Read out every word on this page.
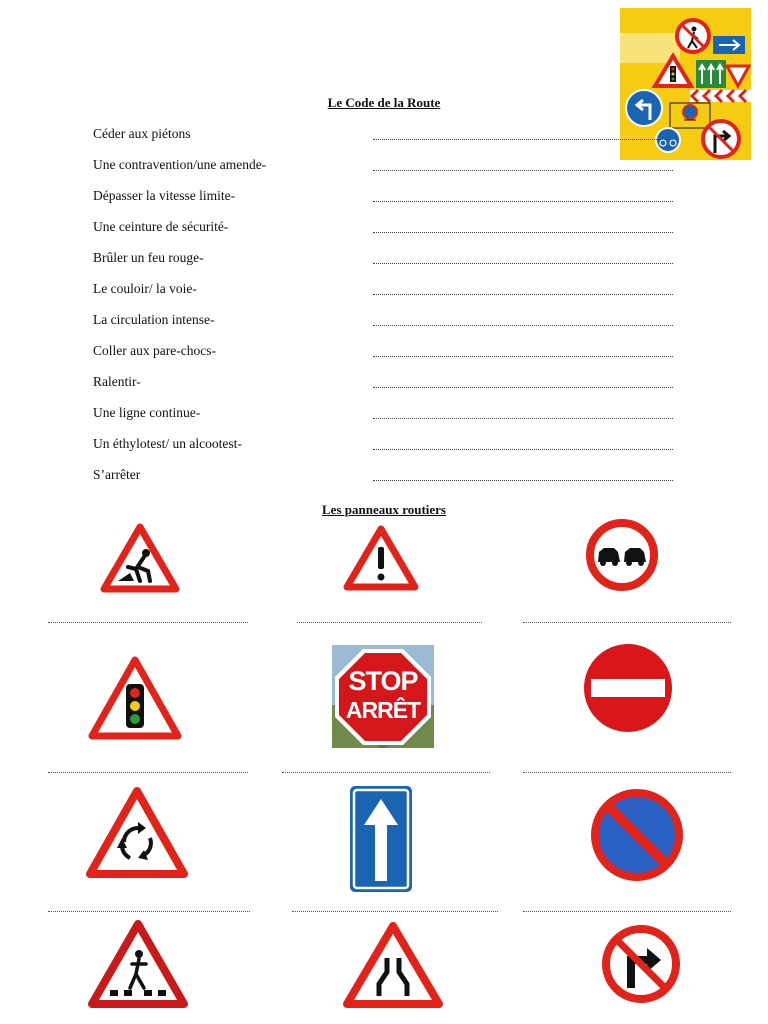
Le Code de la Route
Céder aux piétons
Une contravention/une amende-
Dépasser la vitesse limite-
Une ceinture de sécurité-
Brûler un feu rouge-
Le couloir/ la voie-
La circulation intense-
Coller aux pare-chocs-
Ralentir-
Une ligne continue-
Un éthylotest/ un alcootest-
S’arrêter
Les panneaux routiers
STOP
ARRÊT
